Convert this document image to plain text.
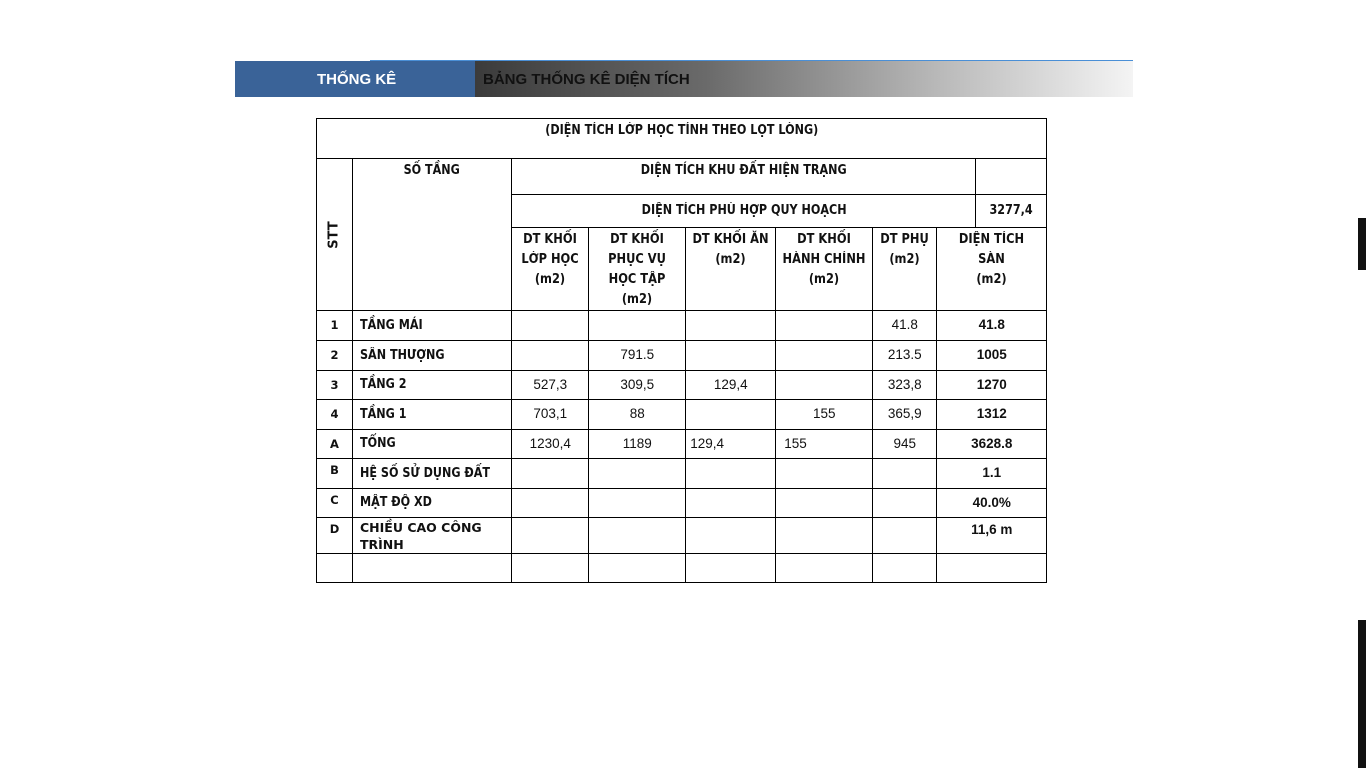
THỐNG KÊ	BẢNG THỐNG KÊ DIỆN TÍCH
(DIỆN TÍCH LỚP HỌC TÍNH THEO LỌT LÒNG)								
STT	SỐ TẦNG	DIỆN TÍCH KHU ĐẤT HIỆN TRẠNG						
		DIỆN TÍCH PHÙ HỢP QUY HOẠCH						3277,4

		DT KHỐI
LỚP HỌC
(m2)	DT KHỐI
PHỤC VỤ
HỌC TẬP
(m2)	DT KHỐI ĂN
(m2)	DT KHỐI
HÀNH CHÍNH
(m2)	DT PHỤ
(m2)	DIỆN TÍCH
SÀN
(m2)	

1	TẦNG MÁI					41.8	41.8	
2	SÂN THƯỢNG		791.5			213.5	1005	
3	TẦNG 2	527,3	309,5	129,4		323,8	1270	
4	TẦNG 1	703,1	88		155	365,9	1312	
A	TỔNG	1230,4	1189	129,4	155	945	3628.8	
B	HỆ SỐ SỬ DỤNG ĐẤT						1.1	
C	MẬT ĐỘ XD						40.0%	
D	CHIỀU CAO CÔNG
TRÌNH						11,6 m	
